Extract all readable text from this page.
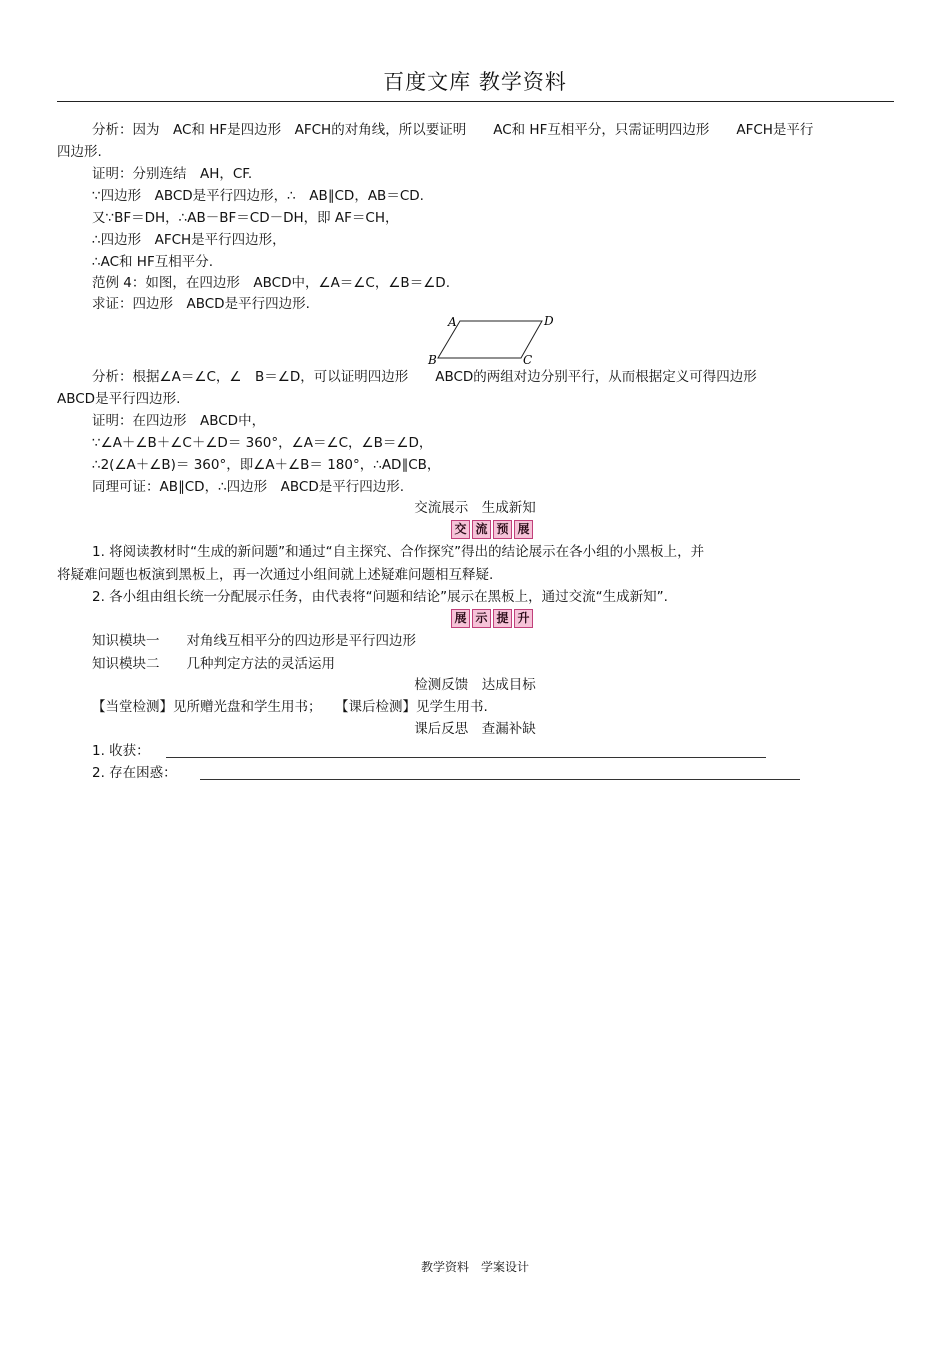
百度文库 教学资料
分析：因为　AC和 HF是四边形　AFCH的对角线，所以要证明　　AC和 HF互相平分，只需证明四边形　　AFCH是平行
四边形.
证明：分别连结　AH，CF.
∵四边形　ABCD是平行四边形，∴　AB∥CD，AB＝CD.
又∵BF＝DH，∴AB－BF＝CD－DH，即 AF＝CH，
∴四边形　AFCH是平行四边形，
∴AC和 HF互相平分.
范例 4：如图，在四边形　ABCD中，∠A＝∠C，∠B＝∠D.
求证：四边形　ABCD是平行四边形.
A	D
B	C
分析：根据∠A＝∠C，∠　B＝∠D，可以证明四边形　　ABCD的两组对边分别平行，从而根据定义可得四边形
ABCD是平行四边形.
证明：在四边形　ABCD中，
∵∠A＋∠B＋∠C＋∠D＝ 360°，∠A＝∠C，∠B＝∠D，
∴2(∠A＋∠B)＝ 360°，即∠A＋∠B＝ 180°，∴AD∥CB，
同理可证：AB∥CD，∴四边形　ABCD是平行四边形.
交流展示　生成新知
交 流 预 展
1. 将阅读教材时“生成的新问题”和通过“自主探究、合作探究”得出的结论展示在各小组的小黑板上，并
将疑难问题也板演到黑板上，再一次通过小组间就上述疑难问题相互释疑.
2. 各小组由组长统一分配展示任务，由代表将“问题和结论”展示在黑板上，通过交流“生成新知”.
展 示 提 升
知识模块一　　对角线互相平分的四边形是平行四边形
知识模块二　　几种判定方法的灵活运用
检测反馈　达成目标
【当堂检测】见所赠光盘和学生用书；　　【课后检测】见学生用书.
课后反思　查漏补缺
1. 收获：
2. 存在困惑：
教学资料　学案设计
